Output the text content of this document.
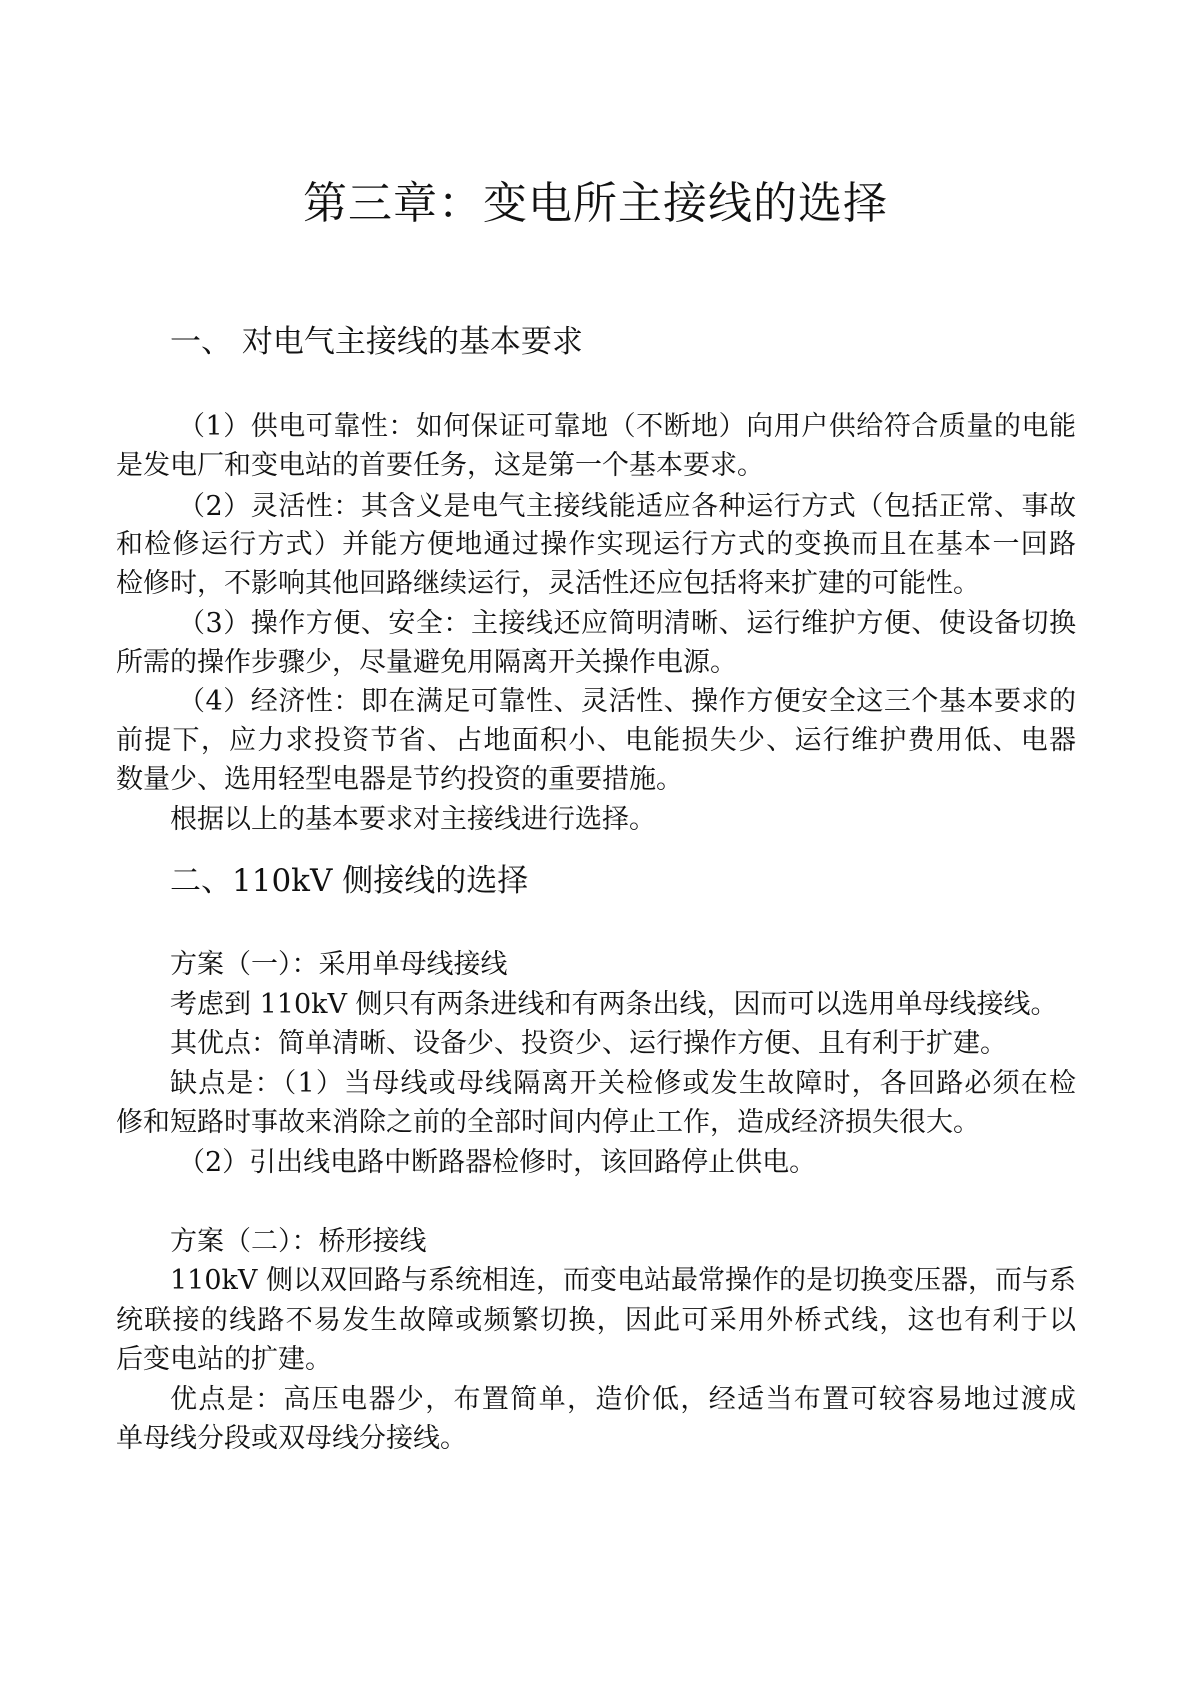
第三章：变电所主接线的选择
一、 对电气主接线的基本要求
（1）供电可靠性：如何保证可靠地（不断地）向用户供给符合质量的电能
是发电厂和变电站的首要任务，这是第一个基本要求。
（2）灵活性：其含义是电气主接线能适应各种运行方式（包括正常、事故
和检修运行方式）并能方便地通过操作实现运行方式的变换而且在基本一回路
检修时，不影响其他回路继续运行，灵活性还应包括将来扩建的可能性。
（3）操作方便、安全：主接线还应简明清晰、运行维护方便、使设备切换
所需的操作步骤少，尽量避免用隔离开关操作电源。
（4）经济性：即在满足可靠性、灵活性、操作方便安全这三个基本要求的
前提下，应力求投资节省、占地面积小、电能损失少、运行维护费用低、电器
数量少、选用轻型电器是节约投资的重要措施。
根据以上的基本要求对主接线进行选择。
二、110kV 侧接线的选择
方案（一）：采用单母线接线
考虑到 110kV 侧只有两条进线和有两条出线，因而可以选用单母线接线。
其优点：简单清晰、设备少、投资少、运行操作方便、且有利于扩建。
缺点是：（1）当母线或母线隔离开关检修或发生故障时，各回路必须在检
修和短路时事故来消除之前的全部时间内停止工作，造成经济损失很大。
（2）引出线电路中断路器检修时，该回路停止供电。
方案（二）：桥形接线
110kV 侧以双回路与系统相连，而变电站最常操作的是切换变压器，而与系
统联接的线路不易发生故障或频繁切换，因此可采用外桥式线，这也有利于以
后变电站的扩建。
优点是：高压电器少，布置简单，造价低，经适当布置可较容易地过渡成
单母线分段或双母线分接线。
